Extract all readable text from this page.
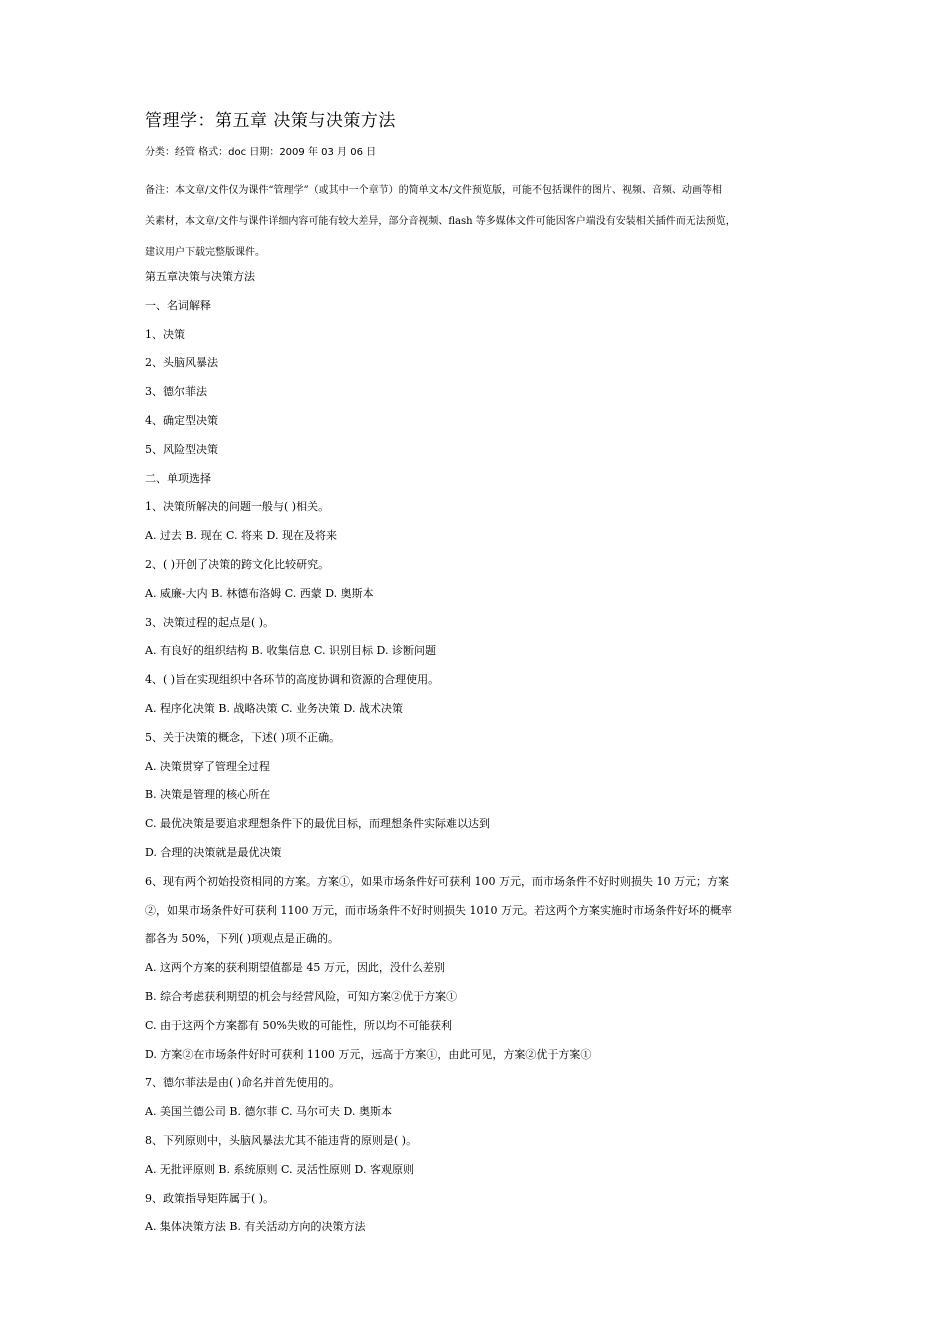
管理学：第五章 决策与决策方法
分类：经管 格式：doc 日期：2009 年 03 月 06 日
备注：本文章/文件仅为课件“管理学”（或其中一个章节）的简单文本/文件预览版，可能不包括课件的图片、视频、音频、动画等相
关素材，本文章/文件与课件详细内容可能有较大差异，部分音视频、flash 等多媒体文件可能因客户端没有安装相关插件而无法预览，
建议用户下载完整版课件。
第五章决策与决策方法
一、名词解释
1、决策
2、头脑风暴法
3、德尔菲法
4、确定型决策
5、风险型决策
二、单项选择
1、决策所解决的问题一般与( )相关。
A. 过去 B. 现在 C. 将来 D. 现在及将来
2、( )开创了决策的跨文化比较研究。
A. 威廉-大内 B. 林德布洛姆 C. 西蒙 D. 奥斯本
3、决策过程的起点是( )。
A. 有良好的组织结构 B. 收集信息 C. 识别目标 D. 诊断问题
4、( )旨在实现组织中各环节的高度协调和资源的合理使用。
A. 程序化决策 B. 战略决策 C. 业务决策 D. 战术决策
5、关于决策的概念，下述( )项不正确。
A. 决策贯穿了管理全过程
B. 决策是管理的核心所在
C. 最优决策是要追求理想条件下的最优目标，而理想条件实际难以达到
D. 合理的决策就是最优决策
6、现有两个初始投资相同的方案。方案①，如果市场条件好可获利 100 万元，而市场条件不好时则损失 10 万元；方案
②，如果市场条件好可获利 1100 万元，而市场条件不好时则损失 1010 万元。若这两个方案实施时市场条件好坏的概率
都各为 50%，下列( )项观点是正确的。
A. 这两个方案的获利期望值都是 45 万元，因此，没什么差别
B. 综合考虑获利期望的机会与经营风险，可知方案②优于方案①
C. 由于这两个方案都有 50%失败的可能性，所以均不可能获利
D. 方案②在市场条件好时可获利 1100 万元，远高于方案①，由此可见，方案②优于方案①
7、德尔菲法是由( )命名并首先使用的。
A. 美国兰德公司 B. 德尔菲 C. 马尔可夫 D. 奥斯本
8、下列原则中，头脑风暴法尤其不能违背的原则是( )。
A. 无批评原则 B. 系统原则 C. 灵活性原则 D. 客观原则
9、政策指导矩阵属于( )。
A. 集体决策方法 B. 有关活动方向的决策方法
